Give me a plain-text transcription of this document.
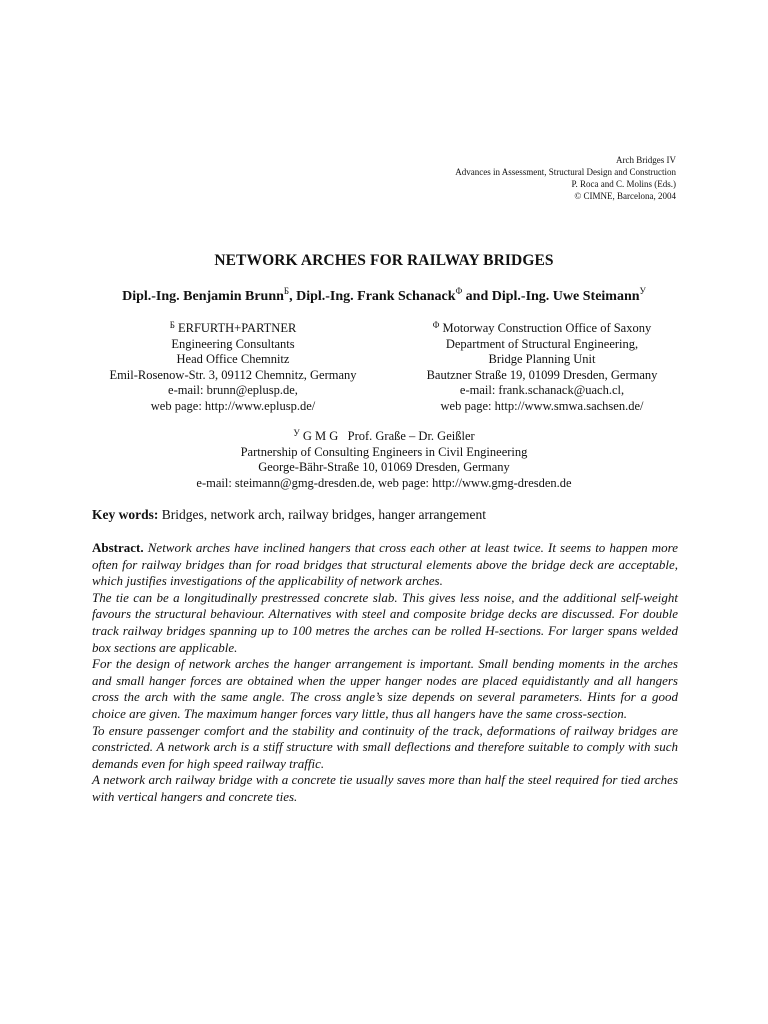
Arch Bridges IV
Advances in Assessment, Structural Design and Construction
P. Roca and C. Molins (Eds.)
© CIMNE, Barcelona, 2004
NETWORK ARCHES FOR RAILWAY BRIDGES
Dipl.-Ing. Benjamin Brunn$^Б$, Dipl.-Ing. Frank Schanack$^\Phi$ and Dipl.-Ing. Uwe Steimann$^У$
$^Б$ ERFURTH+PARTNER
Engineering Consultants
Head Office Chemnitz
Emil-Rosenow-Str. 3, 09112 Chemnitz, Germany
e-mail: brunn@eplusp.de,
web page: http://www.eplusp.de/
$^\Phi$ Motorway Construction Office of Saxony
Department of Structural Engineering,
Bridge Planning Unit
Bautzner Straße 19, 01099 Dresden, Germany
e-mail: frank.schanack@uach.cl,
web page: http://www.smwa.sachsen.de/
$^У$ G M G   Prof. Graße – Dr. Geißler
Partnership of Consulting Engineers in Civil Engineering
George-Bähr-Straße 10, 01069 Dresden, Germany
e-mail: steimann@gmg-dresden.de, web page: http://www.gmg-dresden.de
Key words: Bridges, network arch, railway bridges, hanger arrangement

Abstract. Network arches have inclined hangers that cross each other at least twice. It seems to happen more often for railway bridges than for road bridges that structural elements above the bridge deck are acceptable, which justifies investigations of the applicability of network arches.

The tie can be a longitudinally prestressed concrete slab. This gives less noise, and the additional self-weight favours the structural behaviour. Alternatives with steel and composite bridge decks are discussed. For double track railway bridges spanning up to 100 metres the arches can be rolled H-sections. For larger spans welded box sections are applicable.

For the design of network arches the hanger arrangement is important. Small bending moments in the arches and small hanger forces are obtained when the upper hanger nodes are placed equidistantly and all hangers cross the arch with the same angle. The cross angle’s size depends on several parameters. Hints for a good choice are given. The maximum hanger forces vary little, thus all hangers have the same cross-section.

To ensure passenger comfort and the stability and continuity of the track, deformations of railway bridges are constricted. A network arch is a stiff structure with small deflections and therefore suitable to comply with such demands even for high speed railway traffic.

A network arch railway bridge with a concrete tie usually saves more than half the steel required for tied arches with vertical hangers and concrete ties.
